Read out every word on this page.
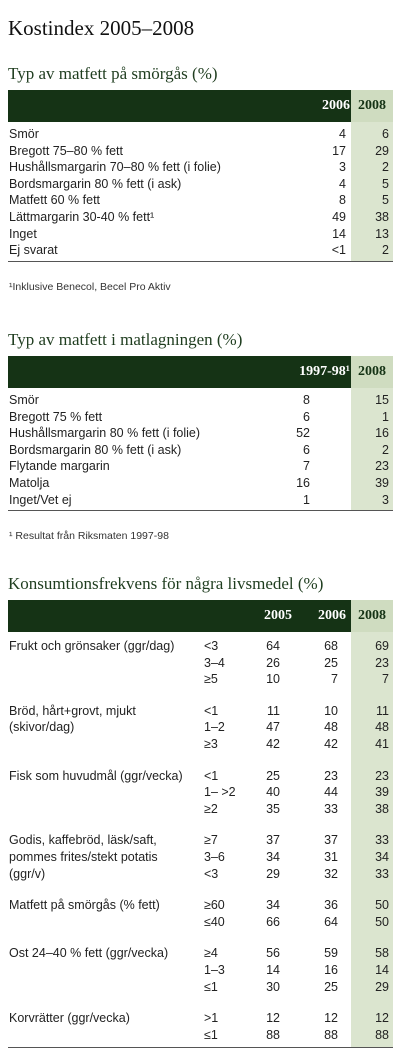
Kostindex 2005–2008
Typ av matfett på smörgås (%)
2006 2008
Smör	4	6
Bregott 75–80 % fett	17	29
Hushållsmargarin 70–80 % fett (i folie)	3	2
Bordsmargarin 80 % fett (i ask)	4	5
Matfett 60 % fett	8	5
Lättmargarin 30-40 % fett¹	49	38
Inget	14	13
Ej svarat	<1	2
¹Inklusive Benecol, Becel Pro Aktiv
Typ av matfett i matlagningen (%)
1997-98¹ 2008
Smör	8	15
Bregott 75 % fett	6	1
Hushållsmargarin 80 % fett (i folie)	52	16
Bordsmargarin 80 % fett (i ask)	6	2
Flytande margarin	7	23
Matolja	16	39
Inget/Vet ej	1	3
¹ Resultat från Riksmaten 1997-98
Konsumtionsfrekvens för några livsmedel (%)
2005	2006 2008
Frukt och grönsaker (ggr/dag)	<3	64	68	69
3–4	26	25	23
≥5	10	7	7
Bröd, hårt+grovt, mjukt
(skivor/dag)
<1	11	10	11
1–2	47	48	48
≥3	42	42	41
Fisk som huvudmål (ggr/vecka)	<1	25	23	23
1– >2	40	44	39
≥2	35	33	38
Godis, kaffebröd, läsk/saft,
pommes frites/stekt potatis
(ggr/v)
≥7	37	37	33
3–6	34	31	34
<3	29	32	33
Matfett på smörgås (% fett)	≥60	34	36	50
≤40	66	64	50
Ost 24–40 % fett (ggr/vecka)	≥4	56	59	58
1–3	14	16	14
≤1	30	25	29
Korvrätter (ggr/vecka)	>1	12	12	12
≤1	88	88	88
